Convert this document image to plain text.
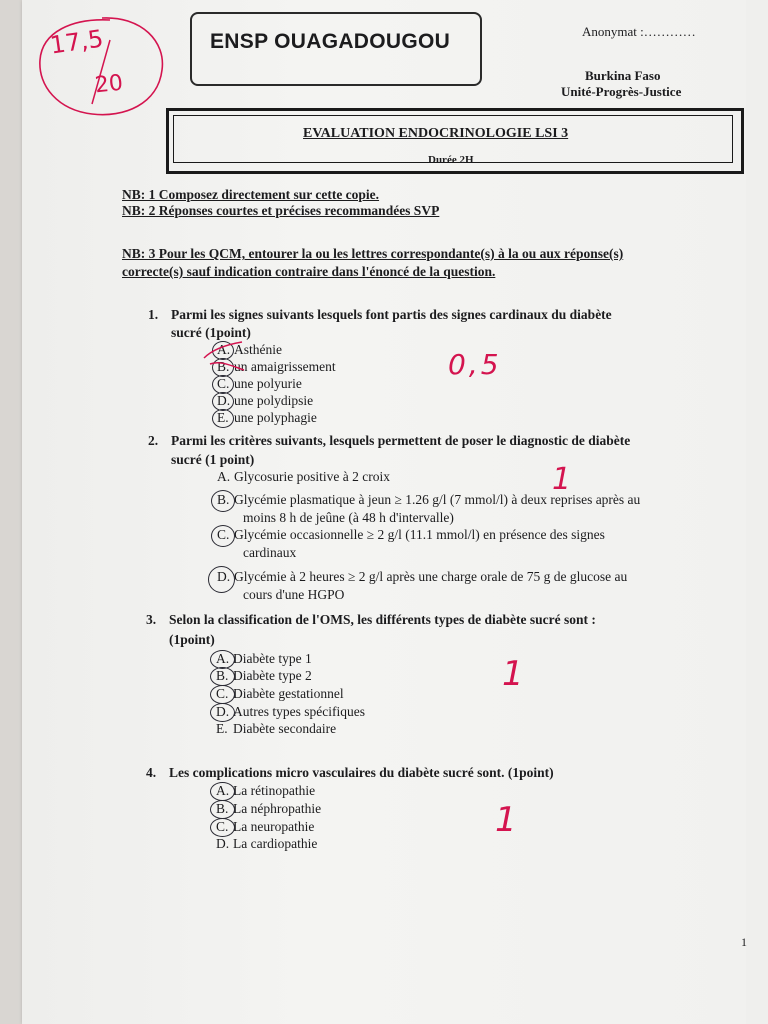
17,5
20
ENSP OUAGADOUGOU	Anonymat :…………
Burkina Faso
Unité-Progrès-Justice
EVALUATION ENDOCRINOLOGIE LSI 3
Durée 2H
NB: 1 Composez directement sur cette copie.
NB: 2 Réponses courtes et précises recommandées SVP
NB: 3 Pour les QCM, entourer la ou les lettres correspondante(s) à la ou aux réponse(s)
correcte(s) sauf indication contraire dans l'énoncé de la question.
1. Parmi les signes suivants lesquels font partis des signes cardinaux du diabète
sucré (1point)
A. Asthénie
B. un amaigrissement
C. une polyurie
D. une polydipsie
E. une polyphagie
0,5
2. Parmi les critères suivants, lesquels permettent de poser le diagnostic de diabète
sucré (1 point)
A. Glycosurie positive à 2 croix
B. Glycémie plasmatique à jeun ≥ 1.26 g/l (7 mmol/l) à deux reprises après au
moins 8 h de jeûne (à 48 h d'intervalle)
C. Glycémie occasionnelle ≥ 2 g/l (11.1 mmol/l) en présence des signes
cardinaux
D. Glycémie à 2 heures ≥ 2 g/l après une charge orale de 75 g de glucose au
cours d'une HGPO
1
3. Selon la classification de l'OMS, les différents types de diabète sucré sont :
(1point)
A. Diabète type 1
B. Diabète type 2
C. Diabète gestationnel
D. Autres types spécifiques
E. Diabète secondaire
1
4. Les complications micro vasculaires du diabète sucré sont. (1point)
A. La rétinopathie
B. La néphropathie
C. La neuropathie
D. La cardiopathie
1
1
